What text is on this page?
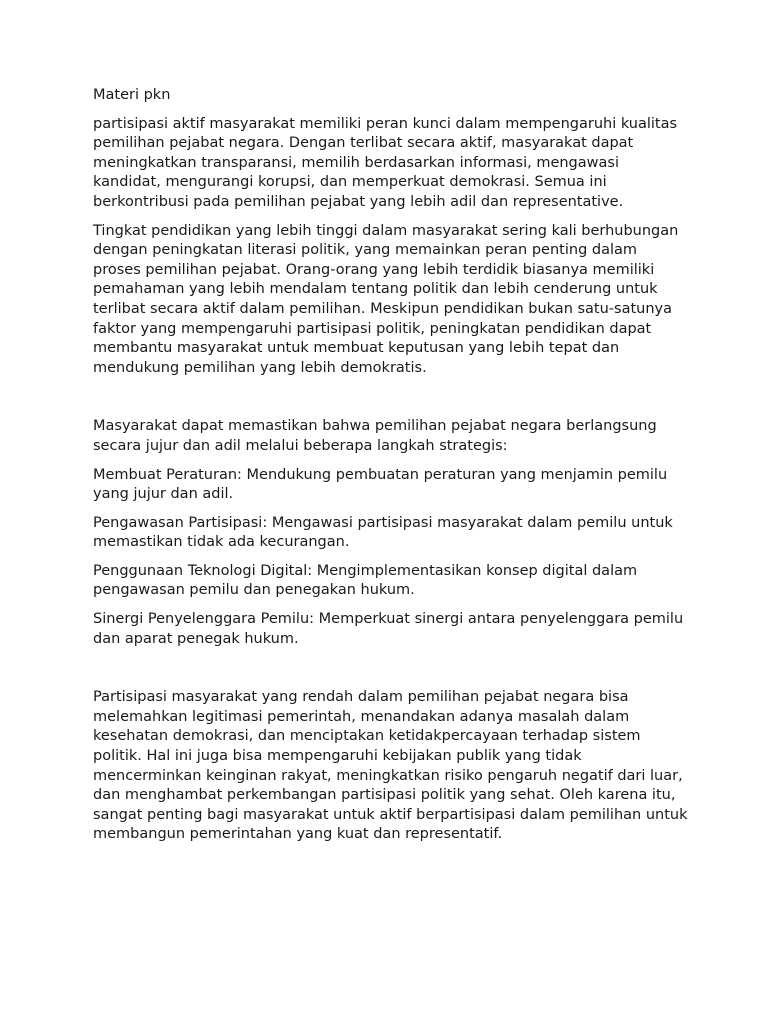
Materi pkn

partisipasi aktif masyarakat memiliki peran kunci dalam mempengaruhi kualitas pemilihan pejabat negara. Dengan terlibat secara aktif, masyarakat dapat meningkatkan transparansi, memilih berdasarkan informasi, mengawasi kandidat, mengurangi korupsi, dan memperkuat demokrasi. Semua ini berkontribusi pada pemilihan pejabat yang lebih adil dan representative.

Tingkat pendidikan yang lebih tinggi dalam masyarakat sering kali berhubungan dengan peningkatan literasi politik, yang memainkan peran penting dalam proses pemilihan pejabat. Orang-orang yang lebih terdidik biasanya memiliki pemahaman yang lebih mendalam tentang politik dan lebih cenderung untuk terlibat secara aktif dalam pemilihan. Meskipun pendidikan bukan satu-satunya faktor yang mempengaruhi partisipasi politik, peningkatan pendidikan dapat membantu masyarakat untuk membuat keputusan yang lebih tepat dan mendukung pemilihan yang lebih demokratis.

Masyarakat dapat memastikan bahwa pemilihan pejabat negara berlangsung secara jujur dan adil melalui beberapa langkah strategis:

Membuat Peraturan: Mendukung pembuatan peraturan yang menjamin pemilu yang jujur dan adil.

Pengawasan Partisipasi: Mengawasi partisipasi masyarakat dalam pemilu untuk memastikan tidak ada kecurangan.

Penggunaan Teknologi Digital: Mengimplementasikan konsep digital dalam pengawasan pemilu dan penegakan hukum.

Sinergi Penyelenggara Pemilu: Memperkuat sinergi antara penyelenggara pemilu dan aparat penegak hukum.

Partisipasi masyarakat yang rendah dalam pemilihan pejabat negara bisa melemahkan legitimasi pemerintah, menandakan adanya masalah dalam kesehatan demokrasi, dan menciptakan ketidakpercayaan terhadap sistem politik. Hal ini juga bisa mempengaruhi kebijakan publik yang tidak mencerminkan keinginan rakyat, meningkatkan risiko pengaruh negatif dari luar, dan menghambat perkembangan partisipasi politik yang sehat. Oleh karena itu, sangat penting bagi masyarakat untuk aktif berpartisipasi dalam pemilihan untuk membangun pemerintahan yang kuat dan representatif.
